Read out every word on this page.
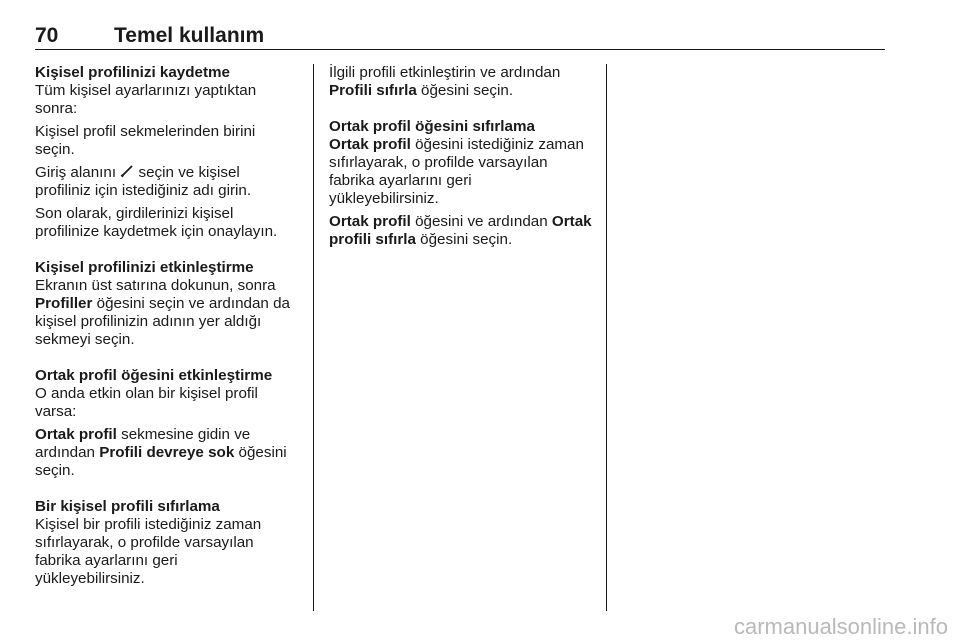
70	Temel kullanım

Kişisel profilinizi kaydetme

Tüm kişisel ayarlarınızı yaptıktan
sonra:

Kişisel profil sekmelerinden birini
seçin.

Giriş alanını seçin ve kişisel
profiliniz için istediğiniz adı girin.

Son olarak, girdilerinizi kişisel
profilinize kaydetmek için onaylayın.

Kişisel profilinizi etkinleştirme

Ekranın üst satırına dokunun, sonra
Profiller öğesini seçin ve ardından da
kişisel profilinizin adının yer aldığı
sekmeyi seçin.

Ortak profil öğesini etkinleştirme

O anda etkin olan bir kişisel profil
varsa:

Ortak profil sekmesine gidin ve
ardından Profili devreye sok öğesini
seçin.

Bir kişisel profili sıfırlama

Kişisel bir profili istediğiniz zaman
sıfırlayarak, o profilde varsayılan
fabrika ayarlarını geri
yükleyebilirsiniz.

İlgili profili etkinleştirin ve ardından
Profili sıfırla öğesini seçin.

Ortak profil öğesini sıfırlama

Ortak profil öğesini istediğiniz zaman
sıfırlayarak, o profilde varsayılan
fabrika ayarlarını geri
yükleyebilirsiniz.

Ortak profil öğesini ve ardından Ortak
profili sıfırla öğesini seçin.

carmanualsonline.info
